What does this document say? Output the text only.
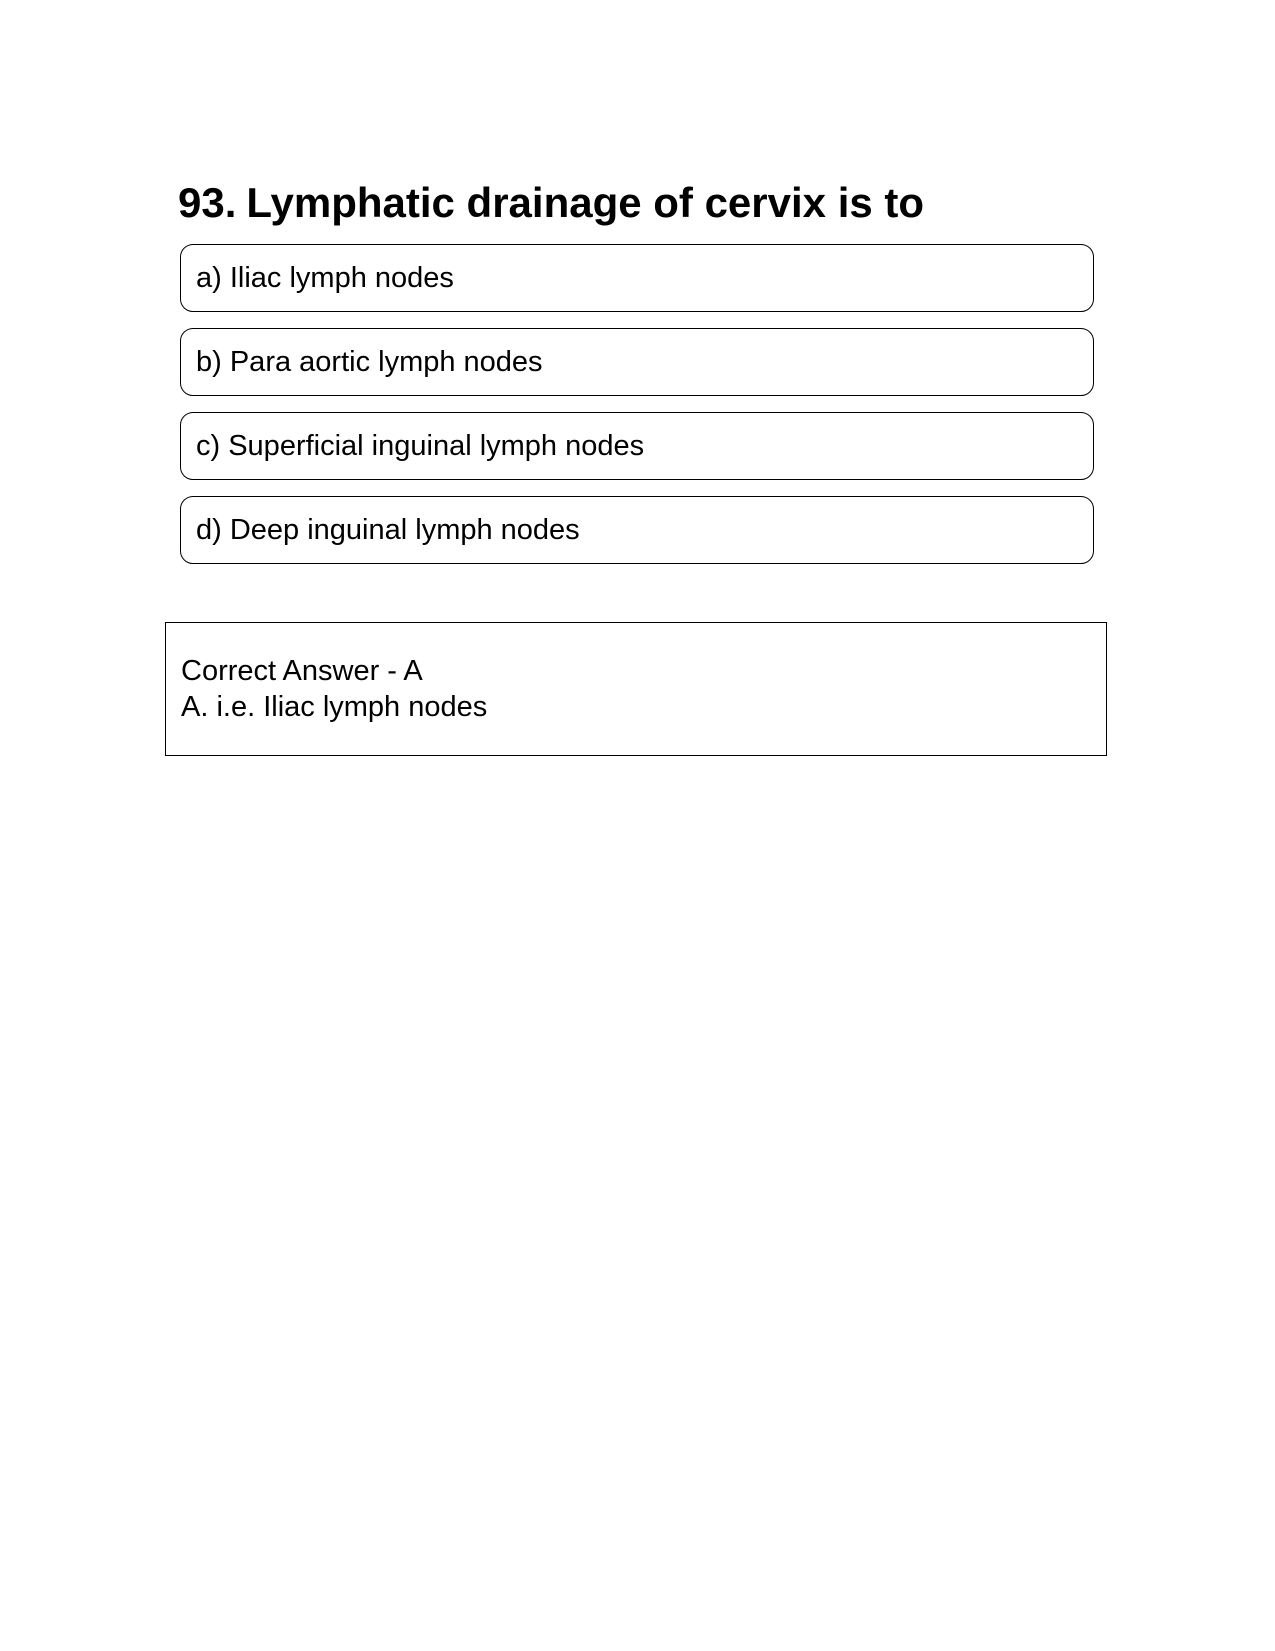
93. Lymphatic drainage of cervix is to
a) Iliac lymph nodes
b) Para aortic lymph nodes
c) Superficial inguinal lymph nodes
d) Deep inguinal lymph nodes
Correct Answer - A
A. i.e. Iliac lymph nodes
